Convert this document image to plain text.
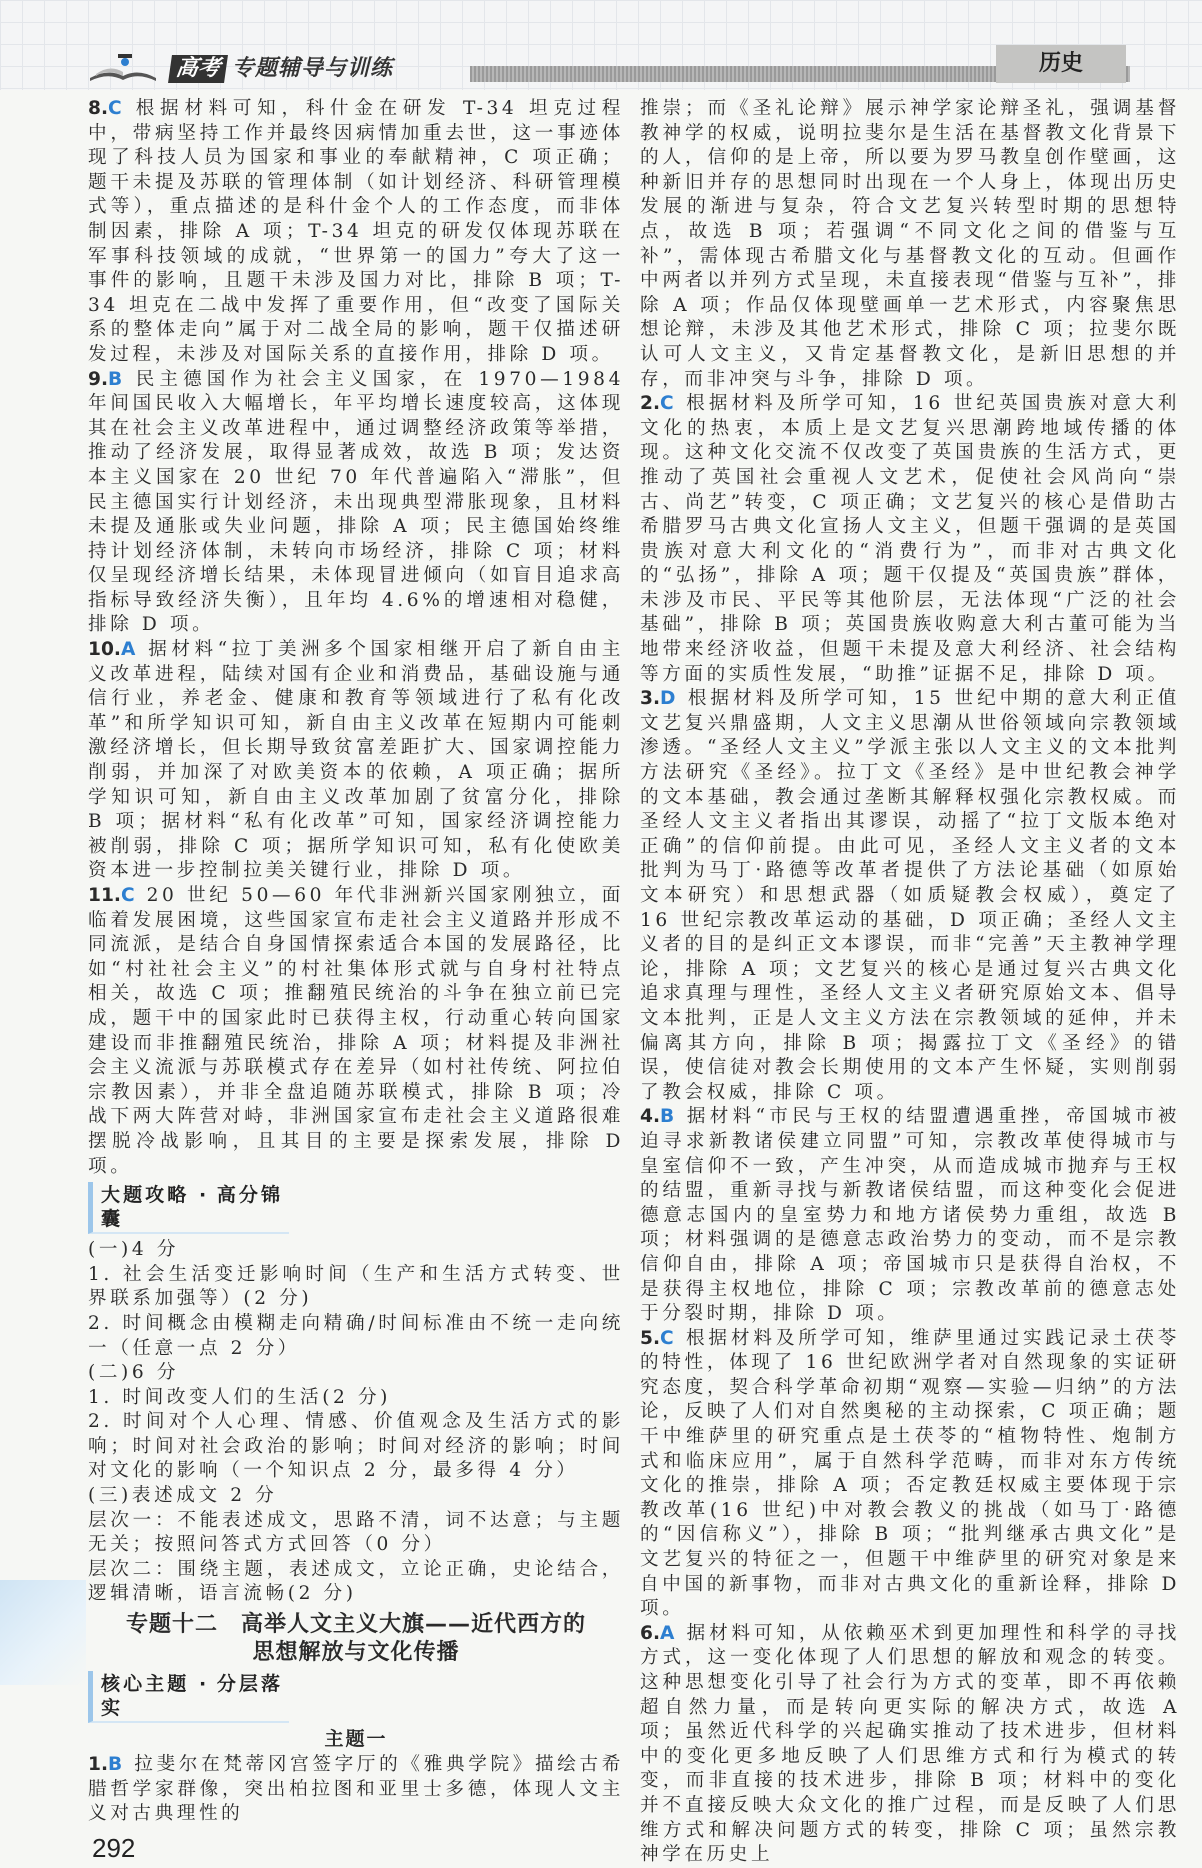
高考 专题辅导与训练	历史
8.C 根据材料可知，科什金在研发 T-34 坦克过程中，带病坚持工作并最终因病情加重去世，这一事迹体现了科技人员为国家和事业的奉献精神，C 项正确；题干未提及苏联的管理体制（如计划经济、科研管理模式等），重点描述的是科什金个人的工作态度，而非体制因素，排除 A 项；T-34 坦克的研发仅体现苏联在军事科技领域的成就，“世界第一的国力”夸大了这一事件的影响，且题干未涉及国力对比，排除 B 项；T-34 坦克在二战中发挥了重要作用，但“改变了国际关系的整体走向”属于对二战全局的影响，题干仅描述研发过程，未涉及对国际关系的直接作用，排除 D 项。
9.B 民主德国作为社会主义国家，在 1970—1984 年间国民收入大幅增长，年平均增长速度较高，这体现其在社会主义改革进程中，通过调整经济政策等举措，推动了经济发展，取得显著成效，故选 B 项；发达资本主义国家在 20 世纪 70 年代普遍陷入“滞胀”，但民主德国实行计划经济，未出现典型滞胀现象，且材料未提及通胀或失业问题，排除 A 项；民主德国始终维持计划经济体制，未转向市场经济，排除 C 项；材料仅呈现经济增长结果，未体现冒进倾向（如盲目追求高指标导致经济失衡），且年均 4.6%的增速相对稳健，排除 D 项。
10.A 据材料“拉丁美洲多个国家相继开启了新自由主义改革进程，陆续对国有企业和消费品，基础设施与通信行业，养老金、健康和教育等领域进行了私有化改革”和所学知识可知，新自由主义改革在短期内可能刺激经济增长，但长期导致贫富差距扩大、国家调控能力削弱，并加深了对欧美资本的依赖，A 项正确；据所学知识可知，新自由主义改革加剧了贫富分化，排除 B 项；据材料“私有化改革”可知，国家经济调控能力被削弱，排除 C 项；据所学知识可知，私有化使欧美资本进一步控制拉美关键行业，排除 D 项。
11.C 20 世纪 50—60 年代非洲新兴国家刚独立，面临着发展困境，这些国家宣布走社会主义道路并形成不同流派，是结合自身国情探索适合本国的发展路径，比如“村社社会主义”的村社集体形式就与自身村社特点相关，故选 C 项；推翻殖民统治的斗争在独立前已完成，题干中的国家此时已获得主权，行动重心转向国家建设而非推翻殖民统治，排除 A 项；材料提及非洲社会主义流派与苏联模式存在差异（如村社传统、阿拉伯宗教因素），并非全盘追随苏联模式，排除 B 项；冷战下两大阵营对峙，非洲国家宣布走社会主义道路很难摆脱冷战影响，且其目的主要是探索发展，排除 D 项。
大题攻略 · 高分锦囊
(一)4 分
1. 社会生活变迁影响时间（生产和生活方式转变、世界联系加强等）(2 分)
2. 时间概念由模糊走向精确/时间标准由不统一走向统一（任意一点 2 分）
(二)6 分
1. 时间改变人们的生活(2 分)
2. 时间对个人心理、情感、价值观念及生活方式的影响；时间对社会政治的影响；时间对经济的影响；时间对文化的影响（一个知识点 2 分，最多得 4 分）
(三)表述成文 2 分
层次一：不能表述成文，思路不清，词不达意；与主题无关；按照问答式方式回答（0 分）
层次二：围绕主题，表述成文，立论正确，史论结合，逻辑清晰，语言流畅(2 分)
专题十二　高举人文主义大旗——近代西方的
思想解放与文化传播
核心主题 · 分层落实
主题一
1.B 拉斐尔在梵蒂冈宫签字厅的《雅典学院》描绘古希腊哲学家群像，突出柏拉图和亚里士多德，体现人文主义对古典理性的
推崇；而《圣礼论辩》展示神学家论辩圣礼，强调基督教神学的权威，说明拉斐尔是生活在基督教文化背景下的人，信仰的是上帝，所以要为罗马教皇创作壁画，这种新旧并存的思想同时出现在一个人身上，体现出历史发展的渐进与复杂，符合文艺复兴转型时期的思想特点，故选 B 项；若强调“不同文化之间的借鉴与互补”，需体现古希腊文化与基督教文化的互动。但画作中两者以并列方式呈现，未直接表现“借鉴与互补”，排除 A 项；作品仅体现壁画单一艺术形式，内容聚焦思想论辩，未涉及其他艺术形式，排除 C 项；拉斐尔既认可人文主义，又肯定基督教文化，是新旧思想的并存，而非冲突与斗争，排除 D 项。
2.C 根据材料及所学可知，16 世纪英国贵族对意大利文化的热衷，本质上是文艺复兴思潮跨地域传播的体现。这种文化交流不仅改变了英国贵族的生活方式，更推动了英国社会重视人文艺术，促使社会风尚向“崇古、尚艺”转变，C 项正确；文艺复兴的核心是借助古希腊罗马古典文化宣扬人文主义，但题干强调的是英国贵族对意大利文化的“消费行为”，而非对古典文化的“弘扬”，排除 A 项；题干仅提及“英国贵族”群体，未涉及市民、平民等其他阶层，无法体现“广泛的社会基础”，排除 B 项；英国贵族收购意大利古董可能为当地带来经济收益，但题干未提及意大利经济、社会结构等方面的实质性发展，“助推”证据不足，排除 D 项。
3.D 根据材料及所学可知，15 世纪中期的意大利正值文艺复兴鼎盛期，人文主义思潮从世俗领域向宗教领域渗透。“圣经人文主义”学派主张以人文主义的文本批判方法研究《圣经》。拉丁文《圣经》是中世纪教会神学的文本基础，教会通过垄断其解释权强化宗教权威。而圣经人文主义者指出其谬误，动摇了“拉丁文版本绝对正确”的信仰前提。由此可见，圣经人文主义者的文本批判为马丁·路德等改革者提供了方法论基础（如原始文本研究）和思想武器（如质疑教会权威），奠定了 16 世纪宗教改革运动的基础，D 项正确；圣经人文主义者的目的是纠正文本谬误，而非“完善”天主教神学理论，排除 A 项；文艺复兴的核心是通过复兴古典文化追求真理与理性，圣经人文主义者研究原始文本、倡导文本批判，正是人文主义方法在宗教领域的延伸，并未偏离其方向，排除 B 项；揭露拉丁文《圣经》的错误，使信徒对教会长期使用的文本产生怀疑，实则削弱了教会权威，排除 C 项。
4.B 据材料“市民与王权的结盟遭遇重挫，帝国城市被迫寻求新教诸侯建立同盟”可知，宗教改革使得城市与皇室信仰不一致，产生冲突，从而造成城市抛弃与王权的结盟，重新寻找与新教诸侯结盟，而这种变化会促进德意志国内的皇室势力和地方诸侯势力重组，故选 B 项；材料强调的是德意志政治势力的变动，而不是宗教信仰自由，排除 A 项；帝国城市只是获得自治权，不是获得主权地位，排除 C 项；宗教改革前的德意志处于分裂时期，排除 D 项。
5.C 根据材料及所学可知，维萨里通过实践记录土茯苓的特性，体现了 16 世纪欧洲学者对自然现象的实证研究态度，契合科学革命初期“观察—实验—归纳”的方法论，反映了人们对自然奥秘的主动探索，C 项正确；题干中维萨里的研究重点是土茯苓的“植物特性、炮制方式和临床应用”，属于自然科学范畴，而非对东方传统文化的推崇，排除 A 项；否定教廷权威主要体现于宗教改革(16 世纪)中对教会教义的挑战（如马丁·路德的“因信称义”），排除 B 项；“批判继承古典文化”是文艺复兴的特征之一，但题干中维萨里的研究对象是来自中国的新事物，而非对古典文化的重新诠释，排除 D 项。
6.A 据材料可知，从依赖巫术到更加理性和科学的寻找方式，这一变化体现了人们思想的解放和观念的转变。这种思想变化引导了社会行为方式的变革，即不再依赖超自然力量，而是转向更实际的解决方式，故选 A 项；虽然近代科学的兴起确实推动了技术进步，但材料中的变化更多地反映了人们思维方式和行为模式的转变，而非直接的技术进步，排除 B 项；材料中的变化并不直接反映大众文化的推广过程，而是反映了人们思维方式和解决问题方式的转变，排除 C 项；虽然宗教神学在历史上
292
